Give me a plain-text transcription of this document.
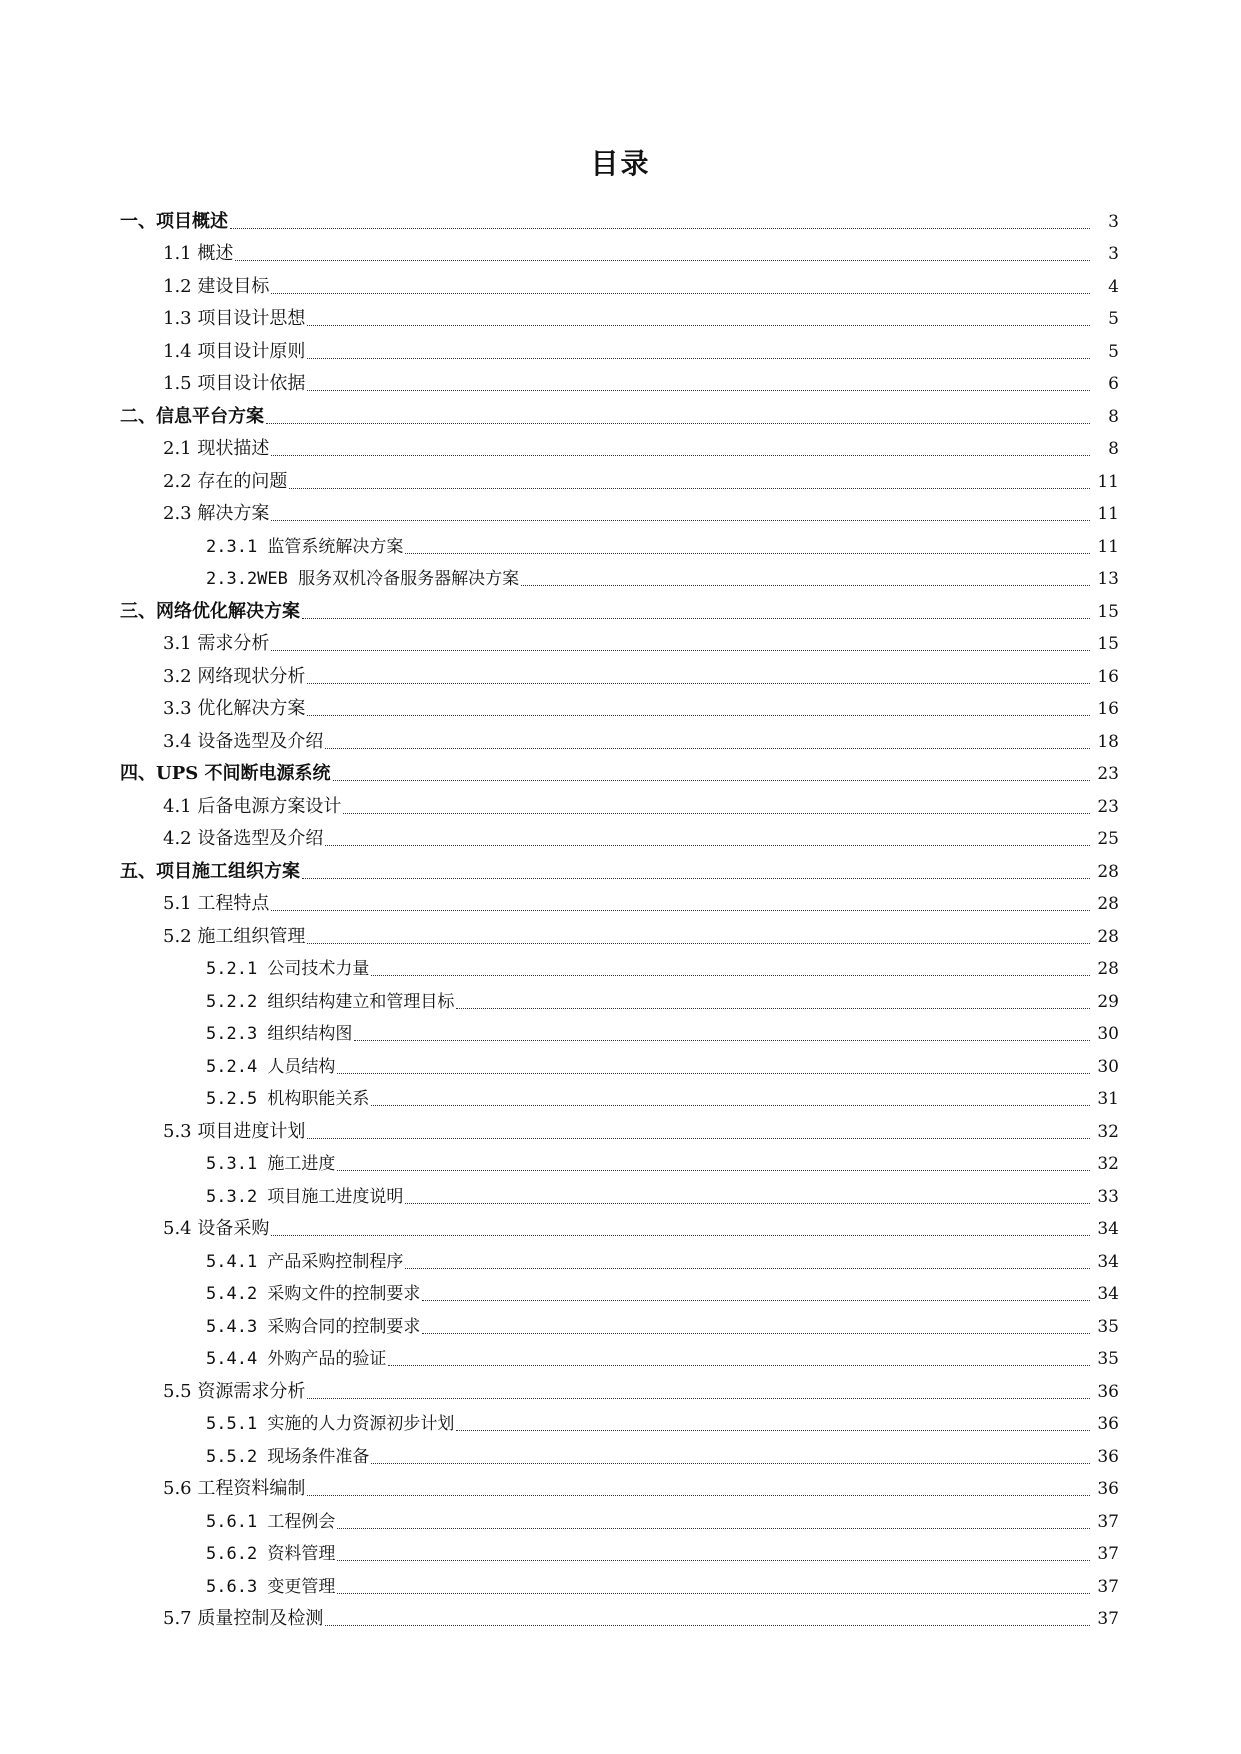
目录
一、项目概述	3
1.1 概述	3
1.2 建设目标	4
1.3 项目设计思想	5
1.4 项目设计原则	5
1.5 项目设计依据	6
二、信息平台方案	8
2.1 现状描述	8
2.2 存在的问题	11
2.3 解决方案	11
2.3.1 监管系统解决方案	11
2.3.2WEB 服务双机冷备服务器解决方案	13
三、网络优化解决方案	15
3.1 需求分析	15
3.2 网络现状分析	16
3.3 优化解决方案	16
3.4 设备选型及介绍	18
四、UPS 不间断电源系统	23
4.1 后备电源方案设计	23
4.2 设备选型及介绍	25
五、项目施工组织方案	28
5.1 工程特点	28
5.2 施工组织管理	28
5.2.1 公司技术力量	28
5.2.2 组织结构建立和管理目标	29
5.2.3 组织结构图	30
5.2.4 人员结构	30
5.2.5 机构职能关系	31
5.3 项目进度计划	32
5.3.1 施工进度	32
5.3.2 项目施工进度说明	33
5.4 设备采购	34
5.4.1 产品采购控制程序	34
5.4.2 采购文件的控制要求	34
5.4.3 采购合同的控制要求	35
5.4.4 外购产品的验证	35
5.5 资源需求分析	36
5.5.1 实施的人力资源初步计划	36
5.5.2 现场条件准备	36
5.6 工程资料编制	36
5.6.1 工程例会	37
5.6.2 资料管理	37
5.6.3 变更管理	37
5.7 质量控制及检测	37
